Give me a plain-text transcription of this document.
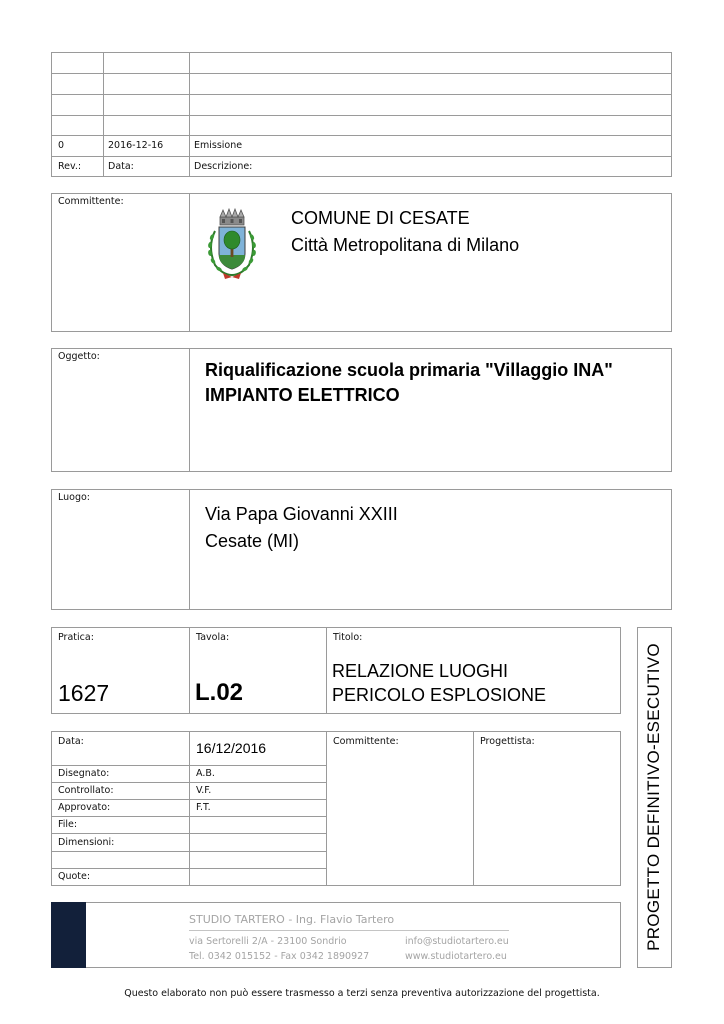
0	2016-12-16	Emissione
Rev.:	Data:	Descrizione:
Committente:
COMUNE DI CESATE
Città Metropolitana di Milano
Oggetto:
Riqualificazione scuola primaria "Villaggio INA"
IMPIANTO ELETTRICO
Luogo:
Via Papa Giovanni XXIII
Cesate (MI)
Pratica:
1627
Tavola:
L.02
Titolo:
RELAZIONE LUOGHI
PERICOLO ESPLOSIONE	PROGETTO DEFINITIVO-ESECUTIVO
Data:	16/12/2016
Disegnato:	A.B.
Controllato:	V.F.
Approvato:	F.T.
File:
Dimensioni:
Quote:
Committente:	Progettista:
STUDIO TARTERO - Ing. Flavio Tartero
via Sertorelli 2/A - 23100 Sondrio
Tel. 0342 015152 - Fax 0342 1890927
info@studiotartero.eu
www.studiotartero.eu
Questo elaborato non può essere trasmesso a terzi senza preventiva autorizzazione del progettista.
